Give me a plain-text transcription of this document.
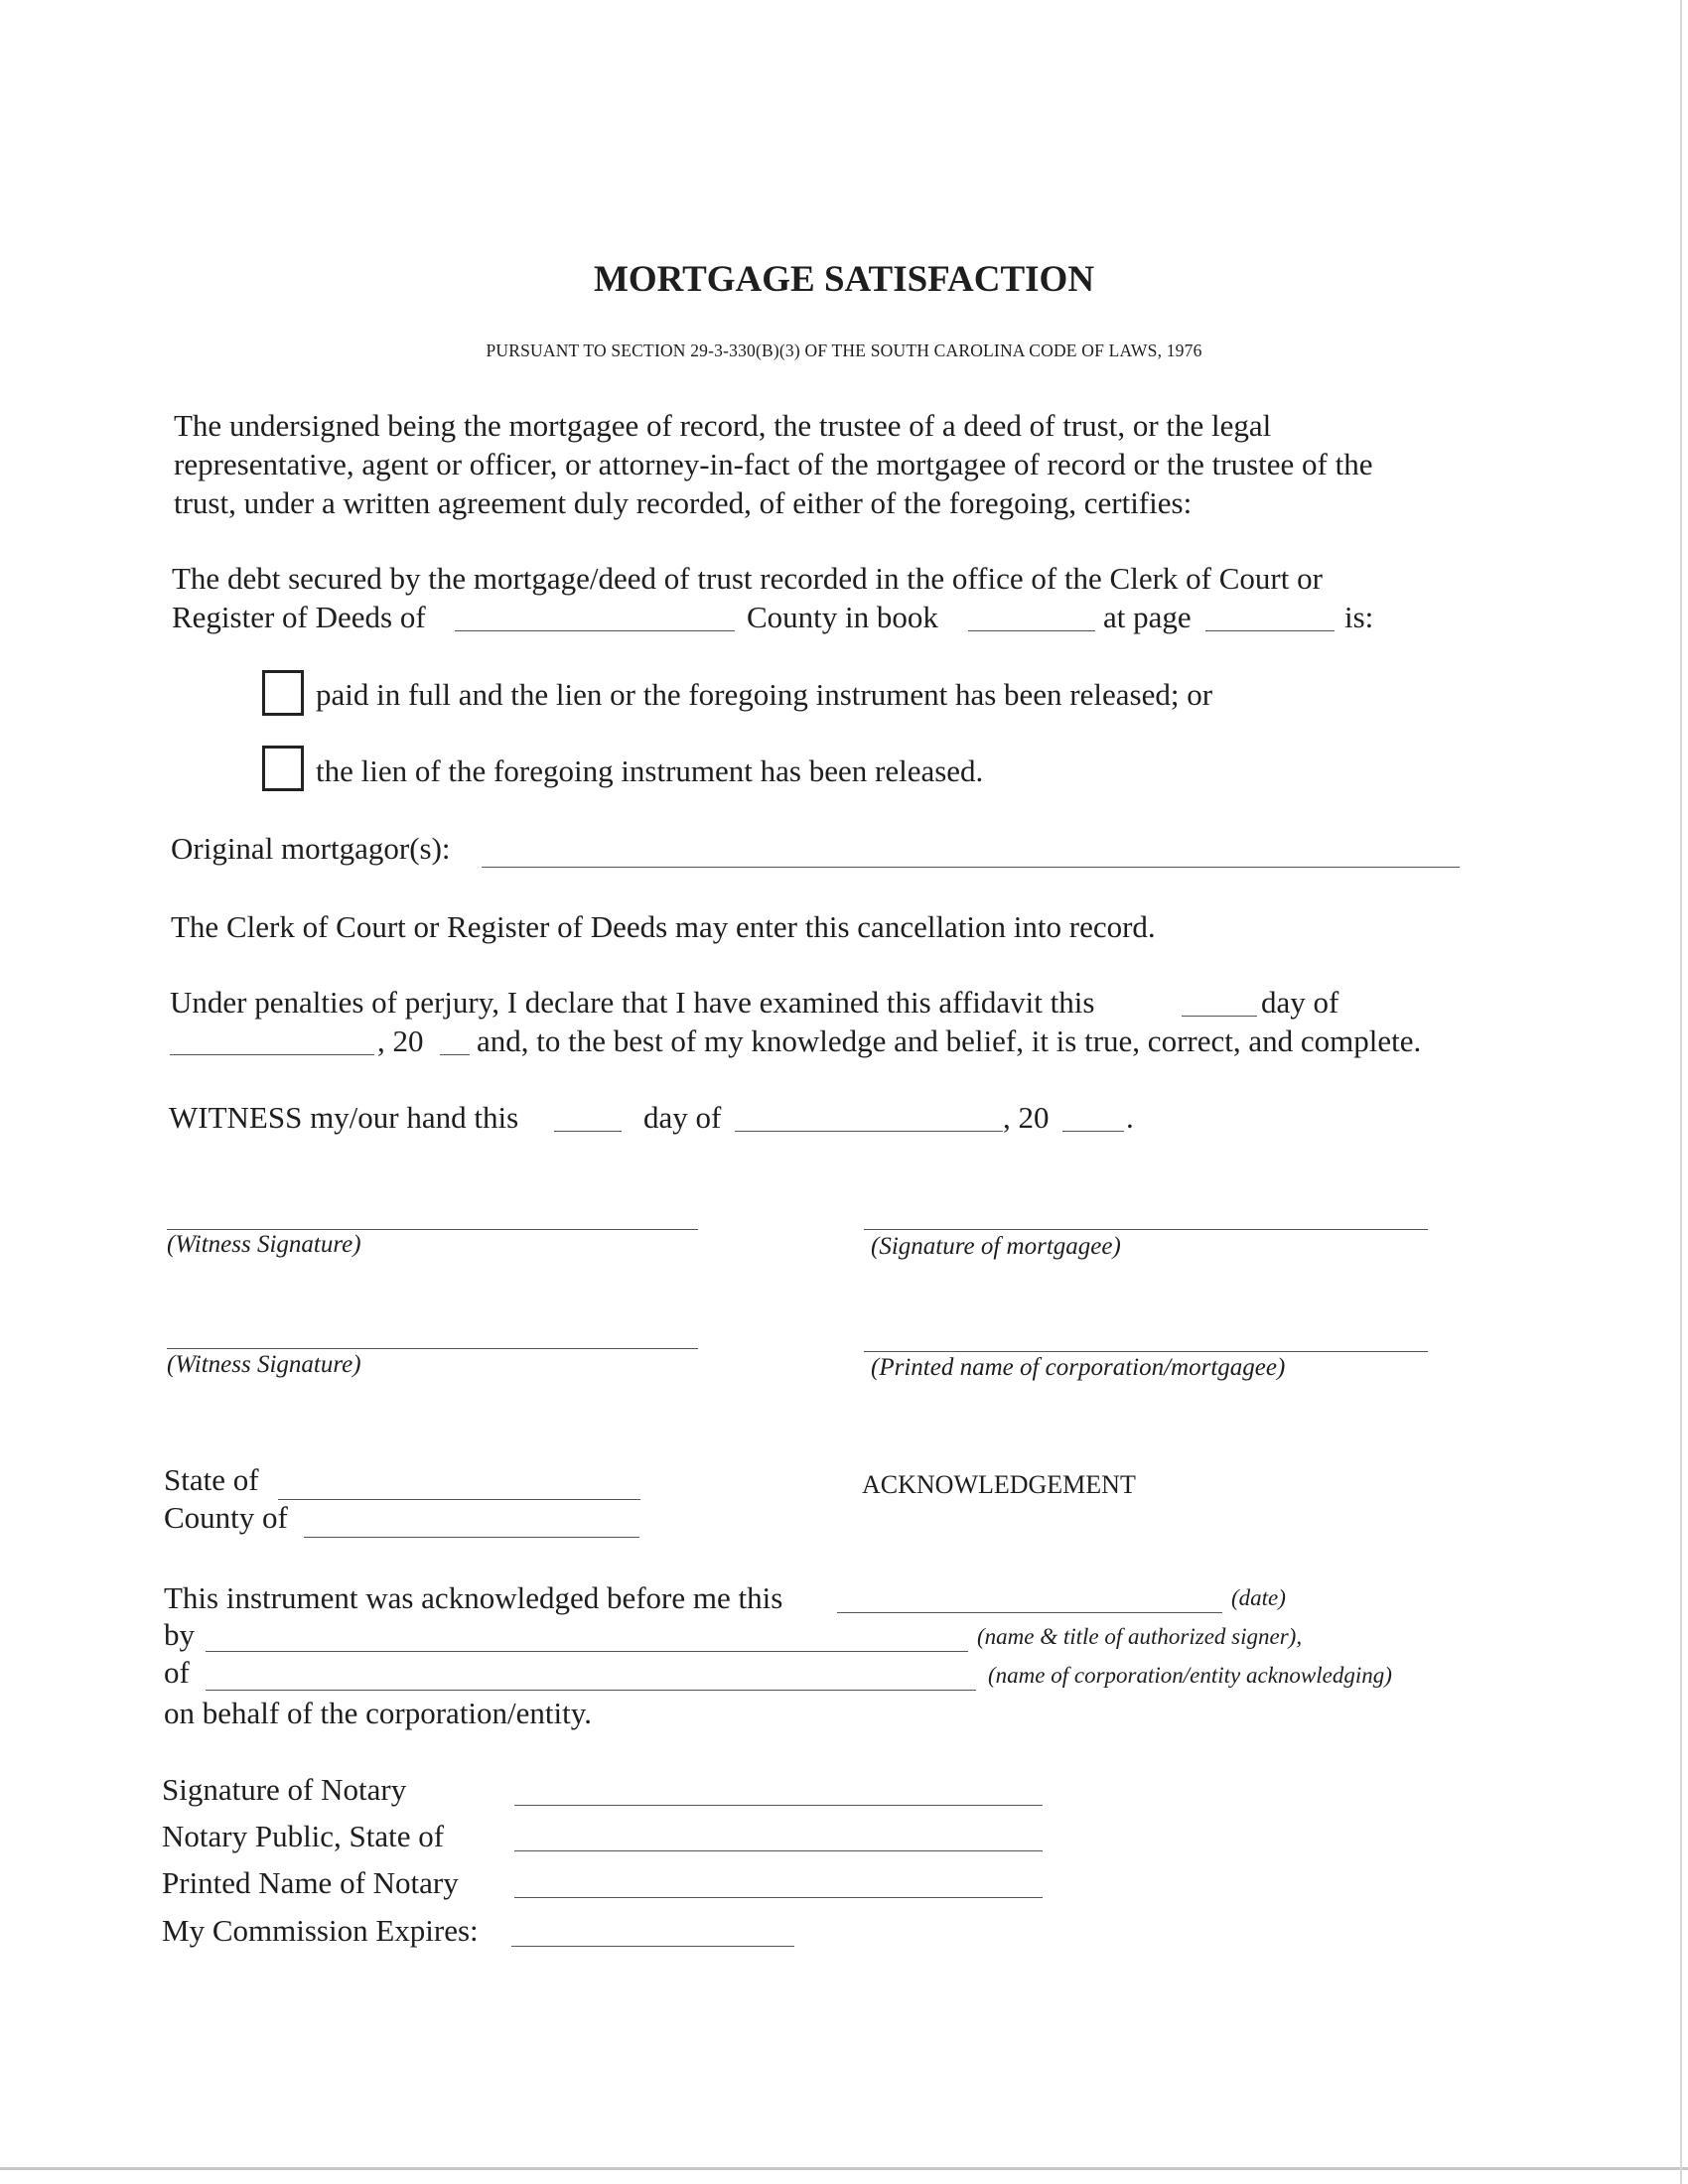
MORTGAGE SATISFACTION
PURSUANT TO SECTION 29-3-330(B)(3) OF THE SOUTH CAROLINA CODE OF LAWS, 1976
The undersigned being the mortgagee of record, the trustee of a deed of trust, or the legal
representative, agent or officer, or attorney-in-fact of the mortgagee of record or the trustee of the
trust, under a written agreement duly recorded, of either of the foregoing, certifies:
The debt secured by the mortgage/deed of trust recorded in the office of the Clerk of Court or
Register of Deeds of	County in book	at page	is:
paid in full and the lien or the foregoing instrument has been released; or
the lien of the foregoing instrument has been released.
Original mortgagor(s):
The Clerk of Court or Register of Deeds may enter this cancellation into record.
Under penalties of perjury, I declare that I have examined this affidavit this	day of
, 20 and, to the best of my knowledge and belief, it is true, correct, and complete.
WITNESS my/our hand this	day of	, 20	.
(Witness Signature)	(Signature of mortgagee)
(Witness Signature)	(Printed name of corporation/mortgagee)
State of
County of
ACKNOWLEDGEMENT
This instrument was acknowledged before me this	(date)
by	(name & title of authorized signer),
of	(name of corporation/entity acknowledging)
on behalf of the corporation/entity.
Signature of Notary
Notary Public, State of
Printed Name of Notary
My Commission Expires:
